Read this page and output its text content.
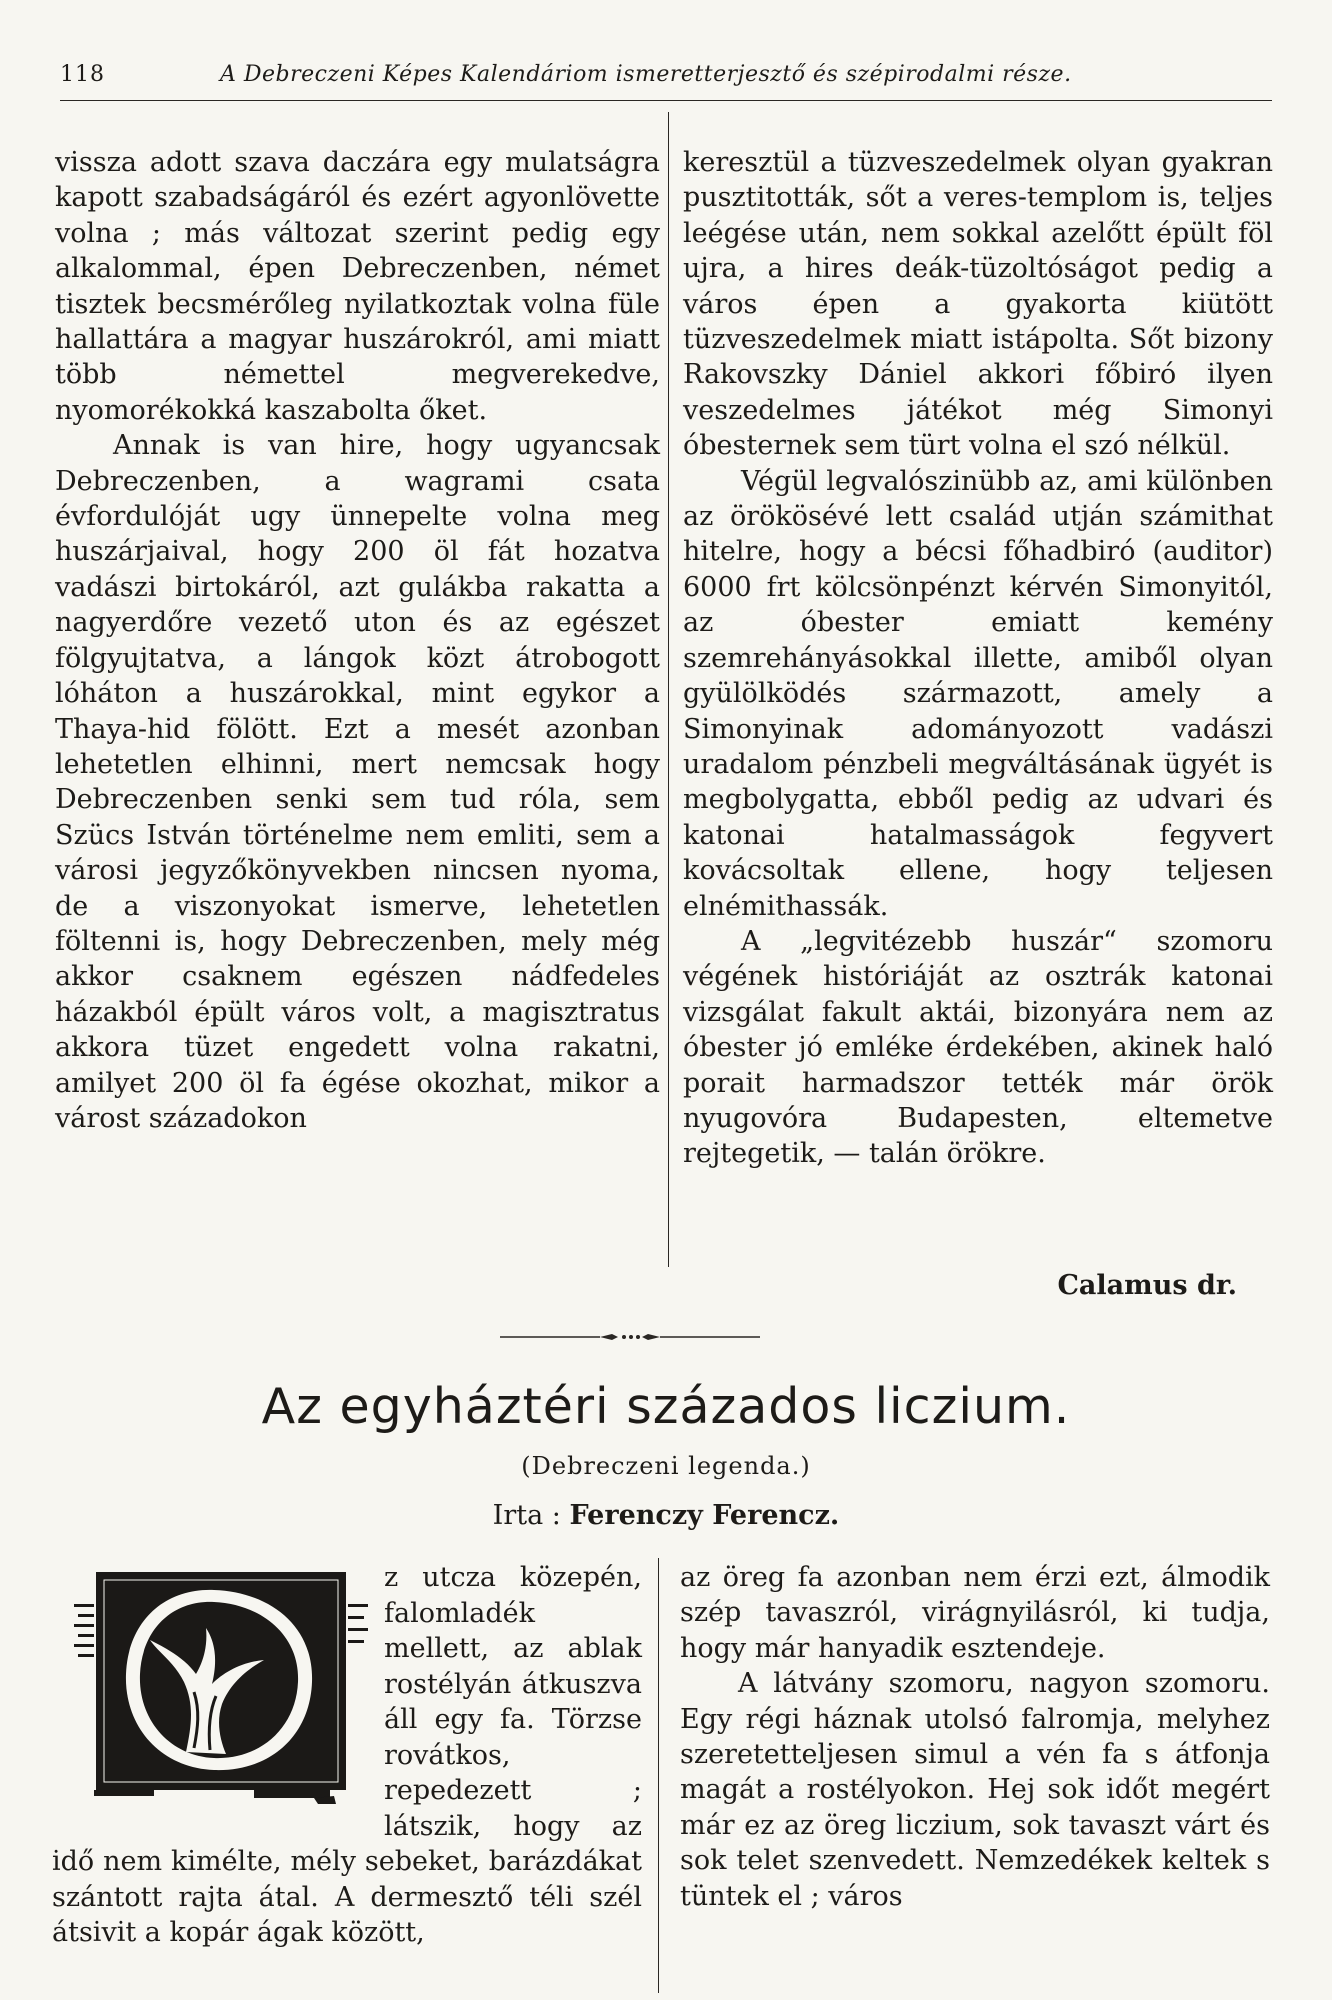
118	A Debreczeni Képes Kalendáriom ismeretterjesztő és szépirodalmi része.

vissza adott szava daczára egy mulatságra kapott szabadságáról és ezért agyonlövette volna ; más változat szerint pedig egy alkalommal, épen Debreczenben, német tisztek becsmérőleg nyilatkoztak volna füle hallattára a magyar huszárokról, ami miatt több némettel megverekedve, nyomorékokká kaszabolta őket.

Annak is van hire, hogy ugyancsak Debreczenben, a wagrami csata évfordulóját ugy ünnepelte volna meg huszárjaival, hogy 200 öl fát hozatva vadászi birtokáról, azt gulákba rakatta a nagyerdőre vezető uton és az egészet fölgyujtatva, a lángok közt átrobogott lóháton a huszárokkal, mint egykor a Thaya-hid fölött. Ezt a mesét azonban lehetetlen elhinni, mert nemcsak hogy Debreczenben senki sem tud róla, sem Szücs István történelme nem emliti, sem a városi jegyzőkönyvekben nincsen nyoma, de a viszonyokat ismerve, lehetetlen föltenni is, hogy Debreczenben, mely még akkor csaknem egészen nádfedeles házakból épült város volt, a magisztratus akkora tüzet engedett volna rakatni, amilyet 200 öl fa égése okozhat, mikor a várost századokon

keresztül a tüzveszedelmek olyan gyakran pusztitották, sőt a veres-templom is, teljes leégése után, nem sokkal azelőtt épült föl ujra, a hires deák-tüzoltóságot pedig a város épen a gyakorta kiütött tüzveszedelmek miatt istápolta. Sőt bizony Rakovszky Dániel akkori főbiró ilyen veszedelmes játékot még Simonyi óbesternek sem türt volna el szó nélkül.

Végül legvalószinübb az, ami különben az örökösévé lett család utján számithat hitelre, hogy a bécsi főhadbiró (auditor) 6000 frt kölcsönpénzt kérvén Simonyitól, az óbester emiatt kemény szemrehányásokkal illette, amiből olyan gyülölködés származott, amely a Simonyinak adományozott vadászi uradalom pénzbeli megváltásának ügyét is megbolygatta, ebből pedig az udvari és katonai hatalmasságok fegyvert kovácsoltak ellene, hogy teljesen elnémithassák.

A „legvitézebb huszár“ szomoru végének históriáját az osztrák katonai vizsgálat fakult aktái, bizonyára nem az óbester jó emléke érdekében, akinek haló porait harmadszor tették már örök nyugovóra Budapesten, eltemetve rejtegetik, — talán örökre.

Calamus dr.
Az egyháztéri százados liczium.
(Debreczeni legenda.)
Irta : Ferenczy Ferencz.
z utcza közepén, falomladék mellett, az ablak rostélyán átkuszva áll egy fa. Törzse rovátkos, repedezett ; látszik, hogy az idő nem kimélte, mély sebeket, barázdákat szántott rajta átal. A dermesztő téli szél átsivit a kopár ágak között,

az öreg fa azonban nem érzi ezt, álmodik szép tavaszról, virágnyilásról, ki tudja, hogy már hanyadik esztendeje.

A látvány szomoru, nagyon szomoru. Egy régi háznak utolsó falromja, melyhez szeretetteljesen simul a vén fa s átfonja magát a rostélyokon. Hej sok időt megért már ez az öreg liczium, sok tavaszt várt és sok telet szenvedett. Nemzedékek keltek s tüntek el ; város
